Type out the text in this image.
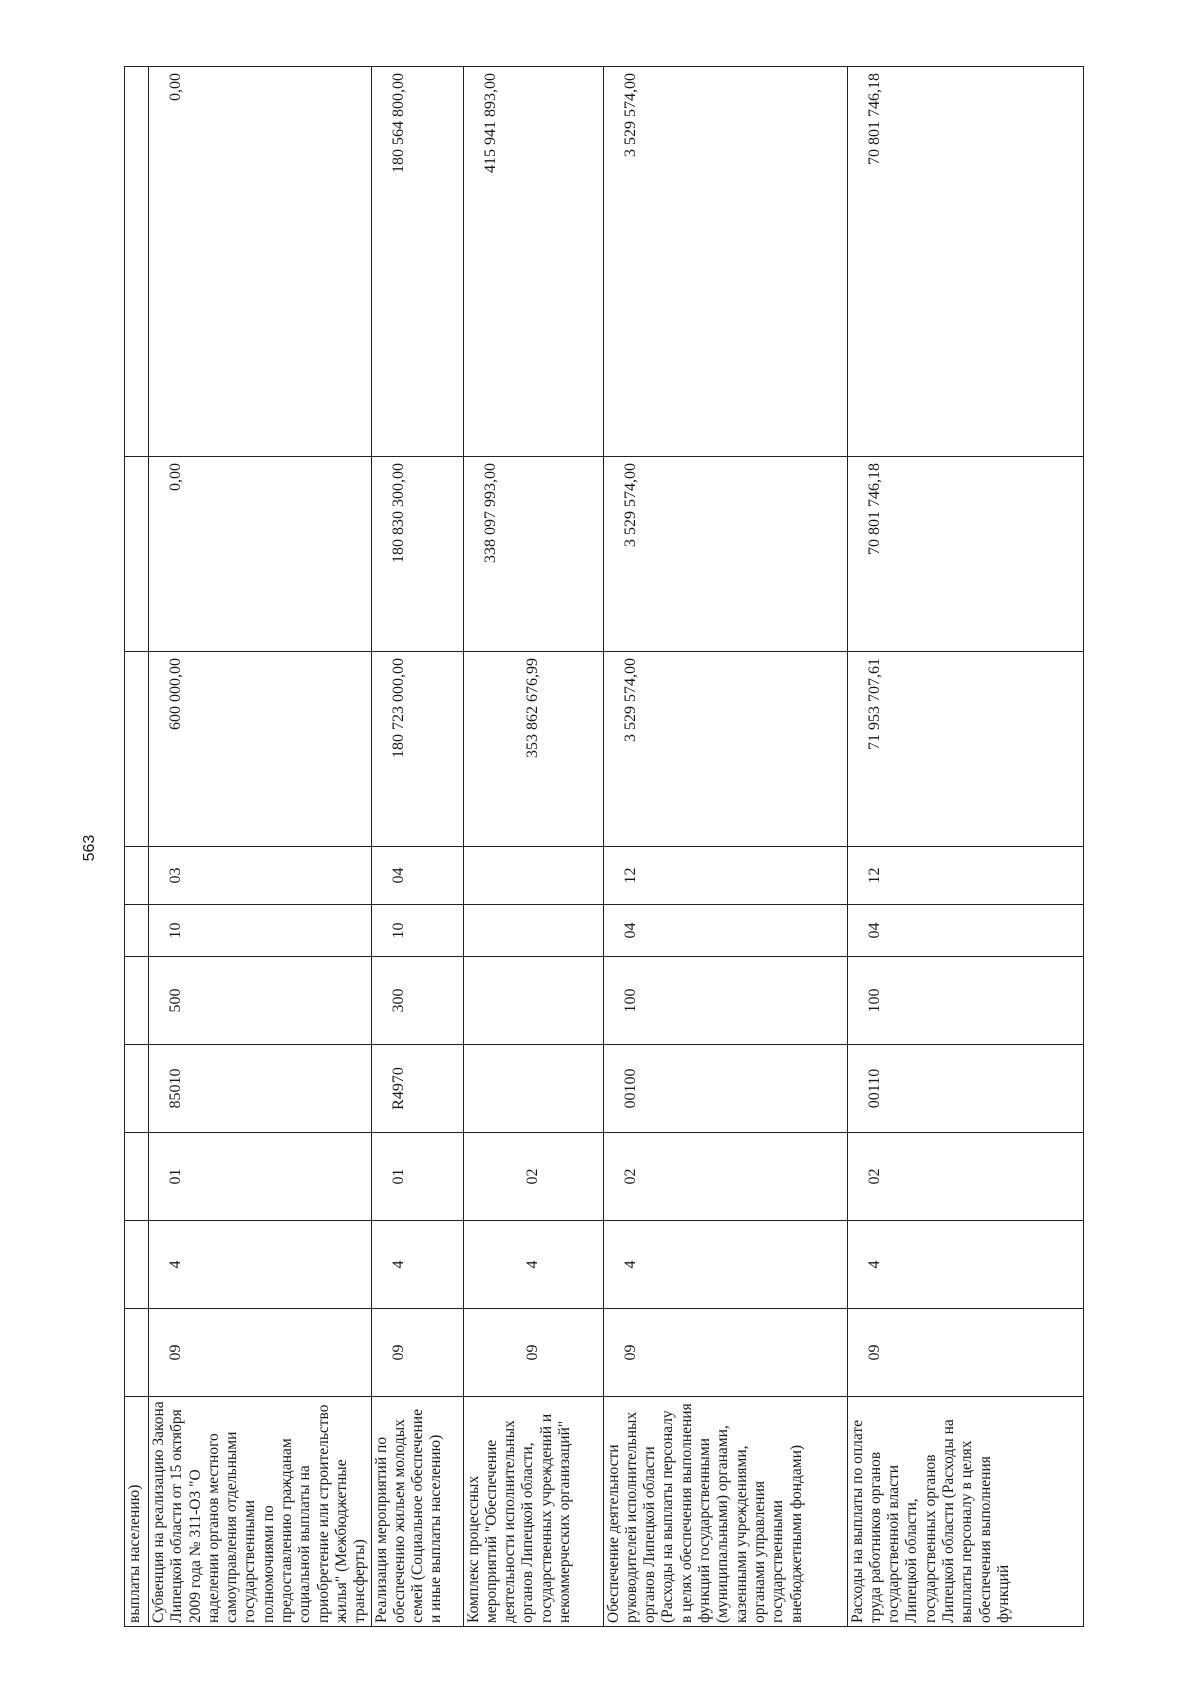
563
выплаты населению)										
Субвенция на реализацию Закона Липецкой области от 15 октября 2009 года № 311-ОЗ "О наделении органов местного самоуправления отдельными государственными полномочиями по предоставлению гражданам социальной выплаты на приобретение или строительство жилья" (Межбюджетные трансферты)	09	4	01	85010	500	10	03	600 000,00	0,00	0,00
Реализация мероприятий по обеспечению жильем молодых семей (Социальное обеспечение и иные выплаты населению)	09	4	01	R4970	300	10	04	180 723 000,00	180 830 300,00	180 564 800,00
Комплекс процессных мероприятий "Обеспечение деятельности исполнительных органов Липецкой области, государственных учреждений и некоммерческих организаций"	09	4	02					353 862 676,99	338 097 993,00	415 941 893,00
Обеспечение деятельности руководителей исполнительных органов Липецкой области (Расходы на выплаты персоналу в целях обеспечения выполнения функций государственными (муниципальными) органами, казенными учреждениями, органами управления государственными внебюджетными фондами)	09	4	02	00100	100	04	12	3 529 574,00	3 529 574,00	3 529 574,00
Расходы на выплаты по оплате труда работников органов государственной власти Липецкой области, государственных органов Липецкой области (Расходы на выплаты персоналу в целях обеспечения выполнения функций	09	4	02	00110	100	04	12	71 953 707,61	70 801 746,18	70 801 746,18
